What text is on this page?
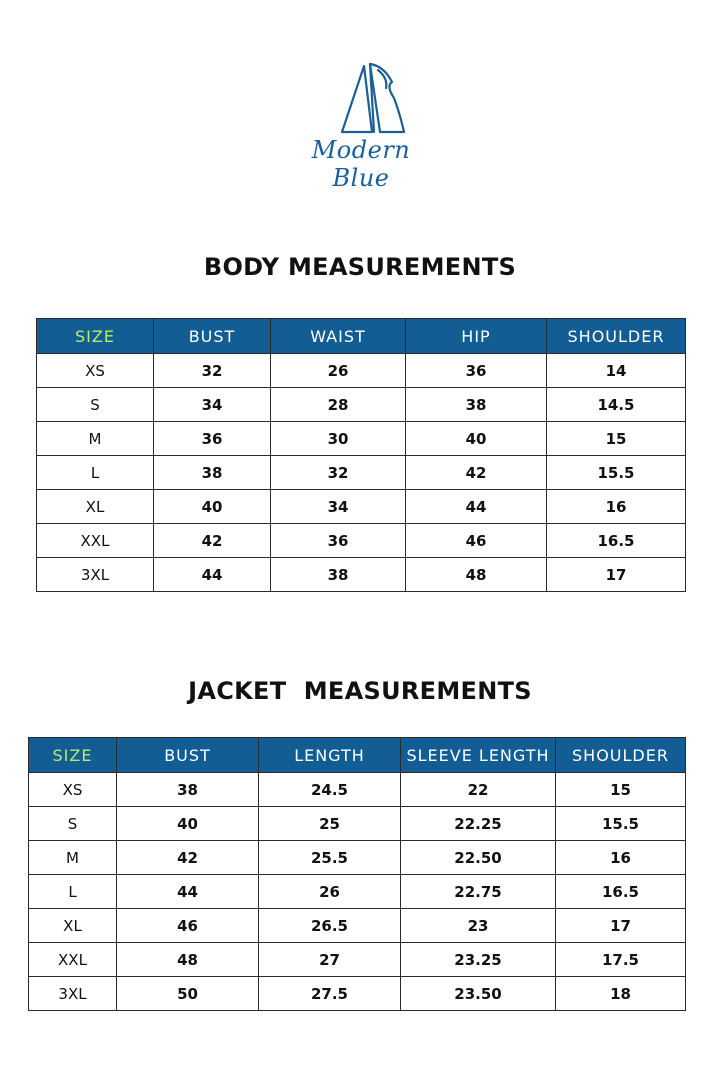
Modern Blue
BODY MEASUREMENTS
SIZE	BUST	WAIST	HIP	SHOULDER
XS	32	26	36	14
S	34	28	38	14.5
M	36	30	40	15
L	38	32	42	15.5
XL	40	34	44	16
XXL	42	36	46	16.5
3XL	44	38	48	17
JACKET  MEASUREMENTS
SIZE	BUST	LENGTH	SLEEVE LENGTH	SHOULDER
XS	38	24.5	22	15
S	40	25	22.25	15.5
M	42	25.5	22.50	16
L	44	26	22.75	16.5
XL	46	26.5	23	17
XXL	48	27	23.25	17.5
3XL	50	27.5	23.50	18
